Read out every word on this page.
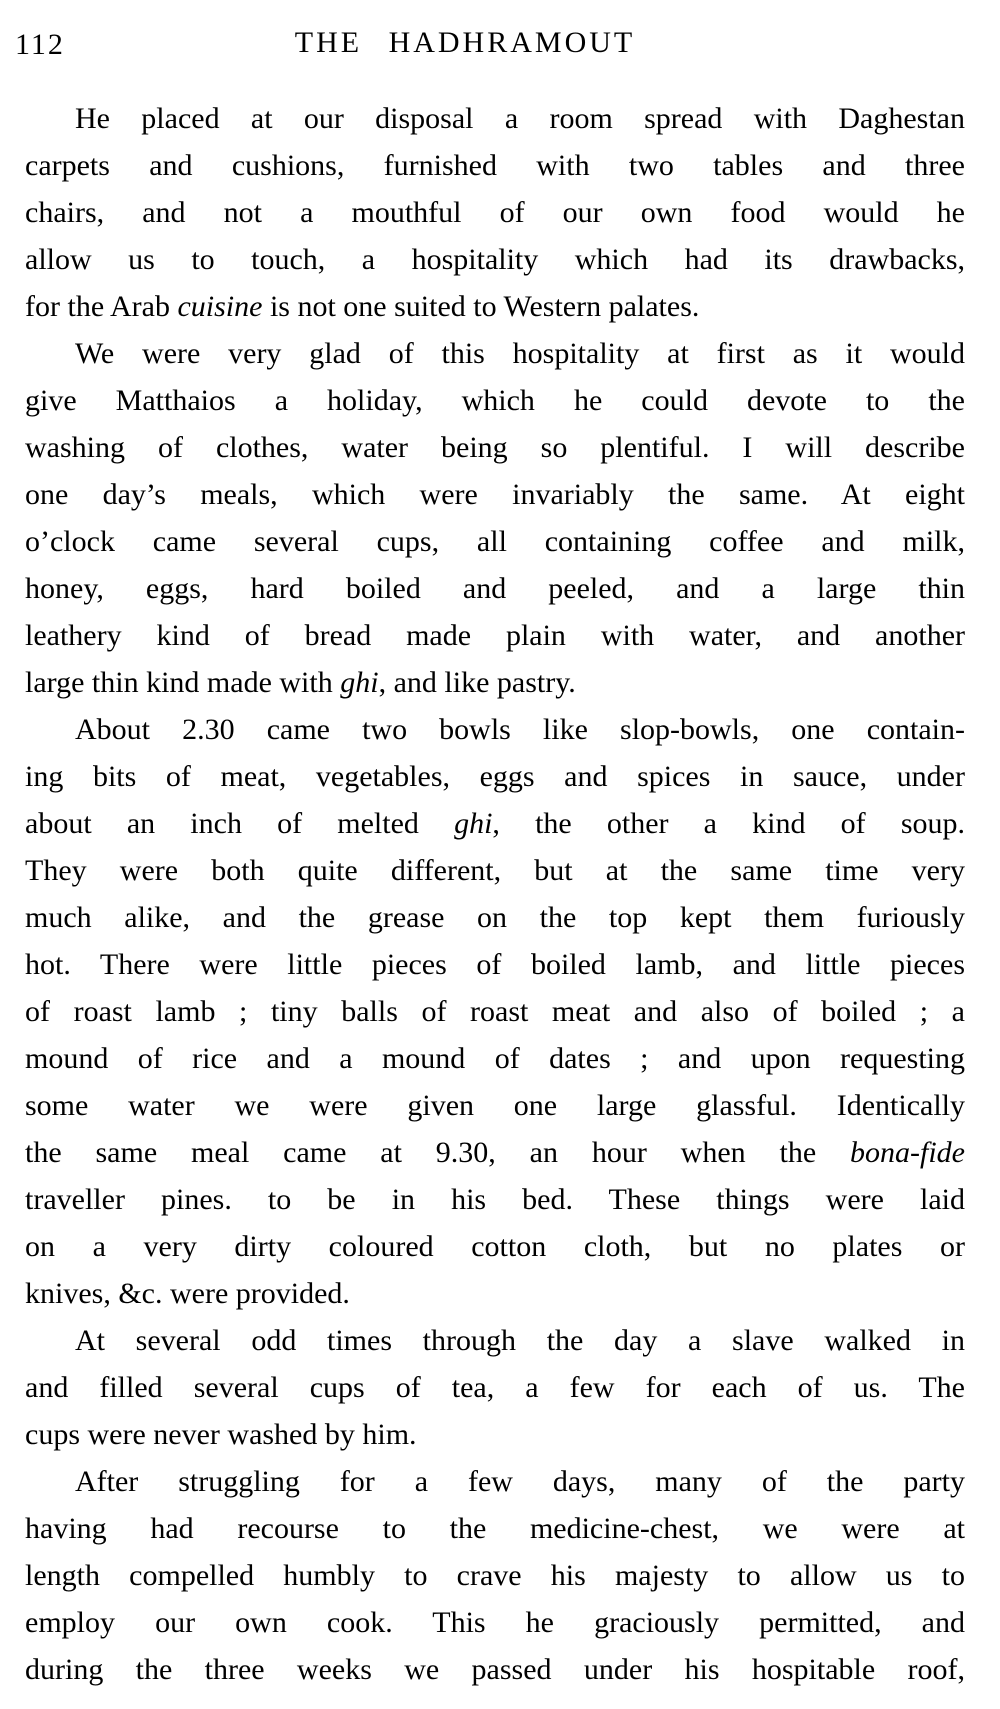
112	THE HADHRAMOUT
He placed at our disposal a room spread with Daghestan
carpets and cushions, furnished with two tables and three
chairs, and not a mouthful of our own food would he
allow us to touch, a hospitality which had its drawbacks,
for the Arab cuisine is not one suited to Western palates.
We were very glad of this hospitality at first as it would
give Matthaios a holiday, which he could devote to the
washing of clothes, water being so plentiful. I will describe
one day’s meals, which were invariably the same. At eight
o’clock came several cups, all containing coffee and milk,
honey, eggs, hard boiled and peeled, and a large thin
leathery kind of bread made plain with water, and another
large thin kind made with ghi, and like pastry.
About 2.30 came two bowls like slop-bowls, one contain-
ing bits of meat, vegetables, eggs and spices in sauce, under
about an inch of melted ghi, the other a kind of soup.
They were both quite different, but at the same time very
much alike, and the grease on the top kept them furiously
hot. There were little pieces of boiled lamb, and little pieces
of roast lamb ; tiny balls of roast meat and also of boiled ; a
mound of rice and a mound of dates ; and upon requesting
some water we were given one large glassful. Identically
the same meal came at 9.30, an hour when the bona-fide
traveller pines. to be in his bed. These things were laid
on a very dirty coloured cotton cloth, but no plates or
knives, &c. were provided.
At several odd times through the day a slave walked in
and filled several cups of tea, a few for each of us. The
cups were never washed by him.
After struggling for a few days, many of the party
having had recourse to the medicine-chest, we were at
length compelled humbly to crave his majesty to allow us to
employ our own cook. This he graciously permitted, and
during the three weeks we passed under his hospitable roof,
